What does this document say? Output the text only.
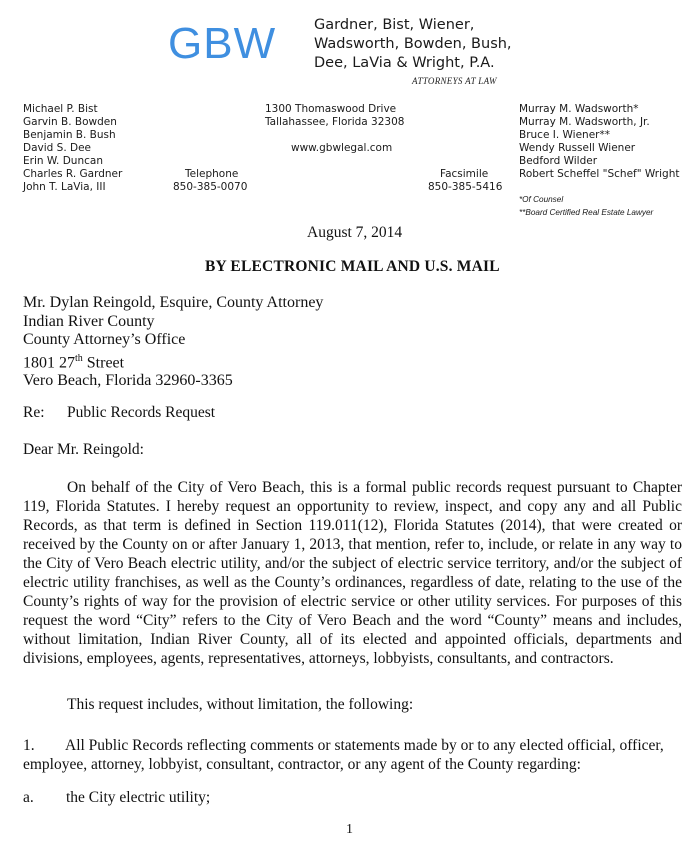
GBW	Gardner, Bist, Wiener,
Wadsworth, Bowden, Bush,
Dee, LaVia & Wright, P.A.
ATTORNEYS AT LAW
Michael P. Bist
Garvin B. Bowden
Benjamin B. Bush
David S. Dee
Erin W. Duncan
Charles R. Gardner
John T. LaVia, III
1300 Thomaswood Drive
Tallahassee, Florida 32308
www.gbwlegal.com
Telephone
850-385-0070
Facsimile
850-385-5416
Murray M. Wadsworth*
Murray M. Wadsworth, Jr.
Bruce I. Wiener**
Wendy Russell Wiener
Bedford Wilder
Robert Scheffel "Schef" Wright
*Of Counsel
**Board Certified Real Estate Lawyer
August 7, 2014
BY ELECTRONIC MAIL AND U.S. MAIL
Mr. Dylan Reingold, Esquire, County Attorney
Indian River County
County Attorney’s Office
1801 27th Street
Vero Beach, Florida 32960-3365
Re: Public Records Request
Dear Mr. Reingold:
On behalf of the City of Vero Beach, this is a formal public records request pursuant to Chapter 119, Florida Statutes. I hereby request an opportunity to review, inspect, and copy any and all Public Records, as that term is defined in Section 119.011(12), Florida Statutes (2014), that were created or received by the County on or after January 1, 2013, that mention, refer to, include, or relate in any way to the City of Vero Beach electric utility, and/or the subject of electric service territory, and/or the subject of electric utility franchises, as well as the County’s ordinances, regardless of date, relating to the use of the County’s rights of way for the provision of electric service or other utility services. For purposes of this request the word “City” refers to the City of Vero Beach and the word “County” means and includes, without limitation, Indian River County, all of its elected and appointed officials, departments and divisions, employees, agents, representatives, attorneys, lobbyists, consultants, and contractors.
This request includes, without limitation, the following:
1. All Public Records reflecting comments or statements made by or to any elected official, officer, employee, attorney, lobbyist, consultant, contractor, or any agent of the County regarding:
a. the City electric utility;
1
